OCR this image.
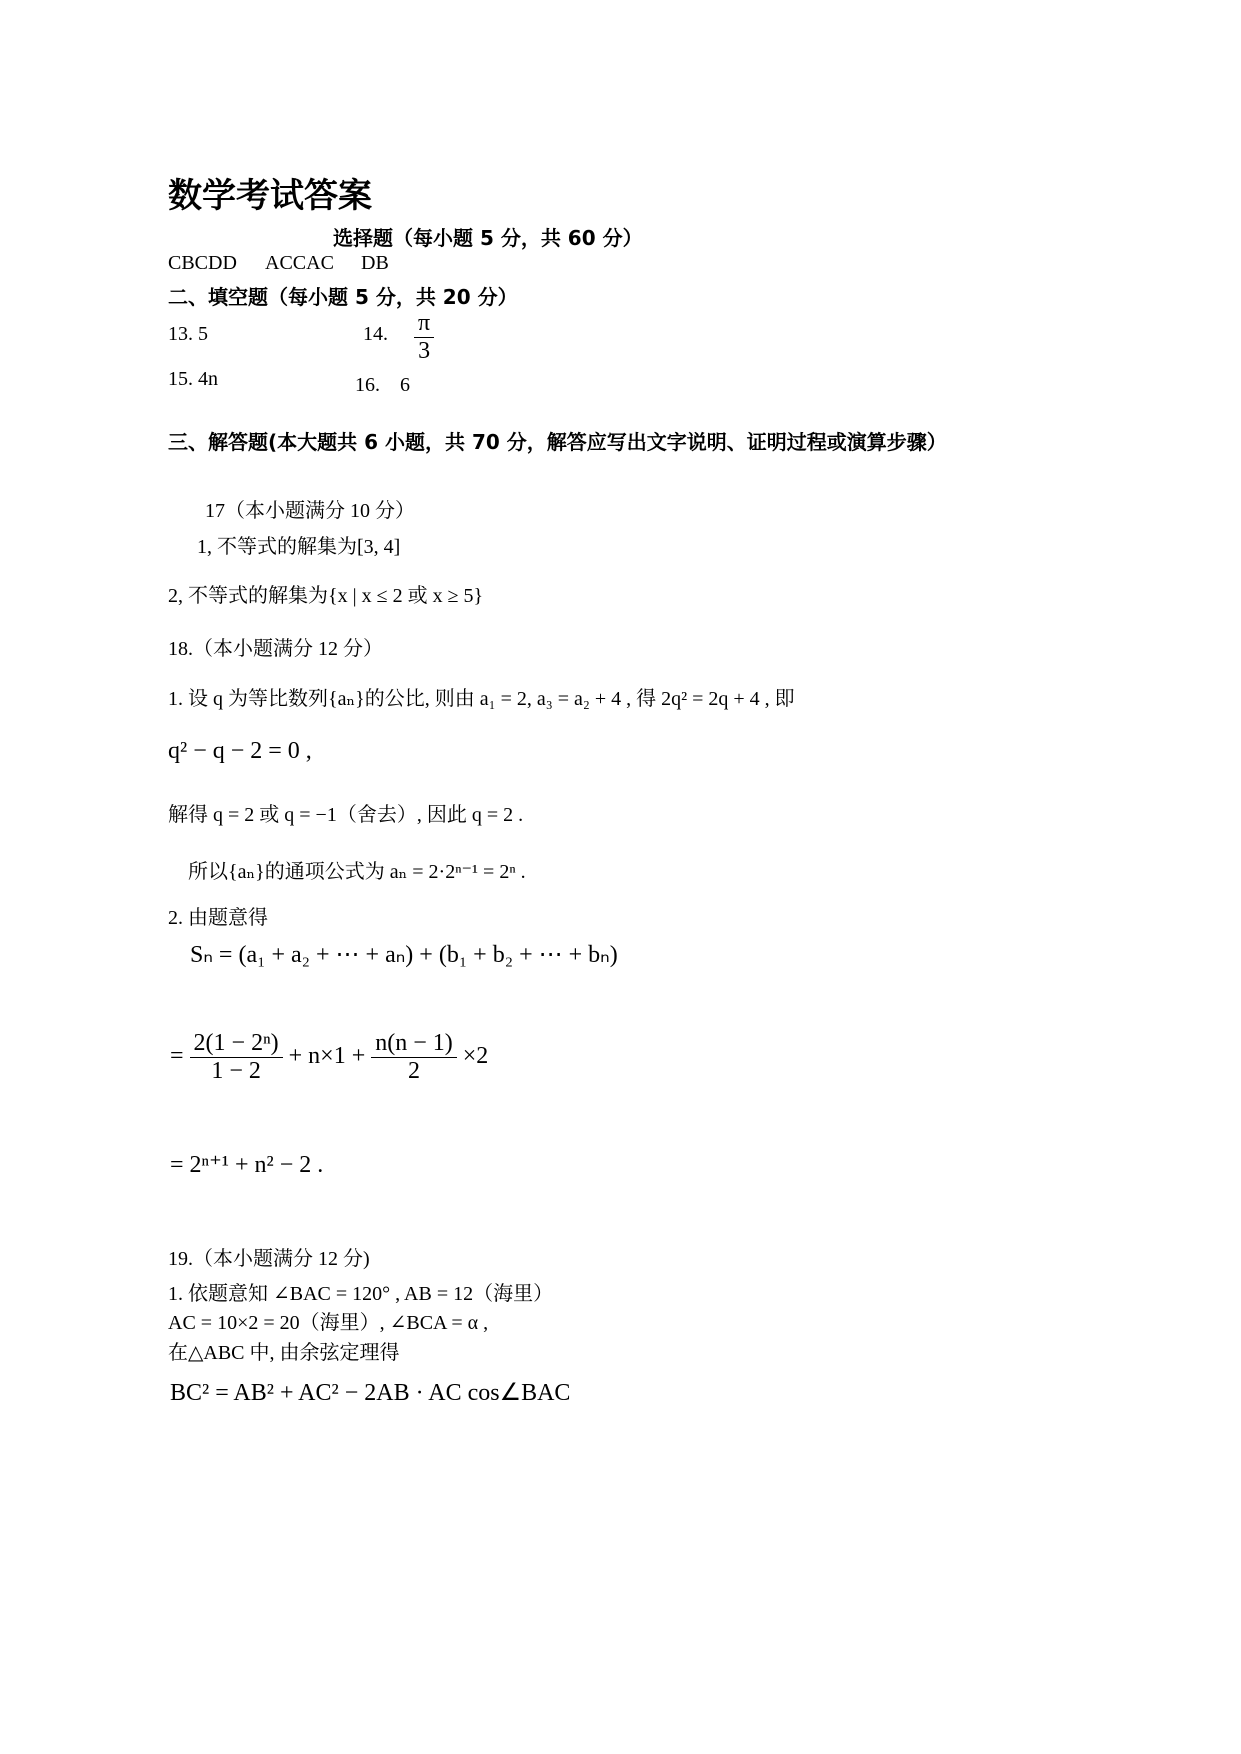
数学考试答案
选择题（每小题 5 分，共 60 分）
CBCDD ACCAC DB
二、填空题（每小题 5 分，共 20 分）
13. 5	14. $\frac{\pi}{3}$
15. 4n	16.　6
三、解答题(本大题共 6 小题，共 70 分，解答应写出文字说明、证明过程或演算步骤）
17（本小题满分 10 分）
1, 不等式的解集为[3, 4]
2, 不等式的解集为{x | x ≤ 2 或 x ≥ 5}
18.（本小题满分 12 分）
1. 设 q 为等比数列{aₙ}的公比, 则由 a₁ = 2, a₃ = a₂ + 4 , 得 2q² = 2q + 4 , 即
q² − q − 2 = 0 ,
解得 q = 2 或 q = −1（舍去）, 因此 q = 2 .
所以{aₙ}的通项公式为 aₙ = 2·2ⁿ⁻¹ = 2ⁿ .
2. 由题意得
Sₙ = (a₁ + a₂ + ⋯ + aₙ) + (b₁ + b₂ + ⋯ + bₙ)
= $\frac{\text{2(1 − 2ⁿ)}}{1 - 2} + n\times 1 + \frac{n(n - 1)}{2} \times 2$
= 2ⁿ⁺¹ + n² − 2 .
19.（本小题满分 12 分)
1. 依题意知 ∠BAC = 120° , AB = 12（海里）
AC = 10×2 = 20（海里）, ∠BCA = α ,
在△ABC 中, 由余弦定理得
BC² = AB² + AC² − 2AB · AC cos∠BAC
